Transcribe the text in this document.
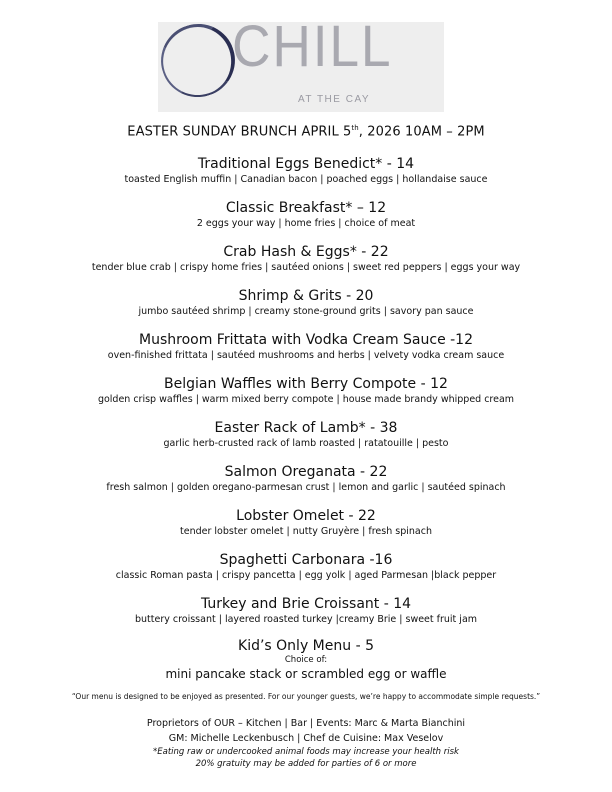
CHILL
AT THE CAY
EASTER SUNDAY BRUNCH APRIL 5th, 2026 10AM – 2PM
Traditional Eggs Benedict* - 14
toasted English muffin | Canadian bacon | poached eggs | hollandaise sauce
Classic Breakfast* – 12
2 eggs your way | home fries | choice of meat
Crab Hash & Eggs* - 22
tender blue crab | crispy home fries | sautéed onions | sweet red peppers | eggs your way
Shrimp & Grits - 20
jumbo sautéed shrimp | creamy stone-ground grits | savory pan sauce
Mushroom Frittata with Vodka Cream Sauce -12
oven-finished frittata | sautéed mushrooms and herbs | velvety vodka cream sauce
Belgian Waffles with Berry Compote - 12
golden crisp waffles | warm mixed berry compote | house made brandy whipped cream
Easter Rack of Lamb* - 38
garlic herb-crusted rack of lamb roasted | ratatouille | pesto
Salmon Oreganata - 22
fresh salmon | golden oregano-parmesan crust | lemon and garlic | sautéed spinach
Lobster Omelet - 22
tender lobster omelet | nutty Gruyère | fresh spinach
Spaghetti Carbonara -16
classic Roman pasta | crispy pancetta | egg yolk | aged Parmesan |black pepper
Turkey and Brie Croissant - 14
buttery croissant | layered roasted turkey |creamy Brie | sweet fruit jam
Kid’s Only Menu - 5
Choice of:
mini pancake stack or scrambled egg or waffle
“Our menu is designed to be enjoyed as presented. For our younger guests, we’re happy to accommodate simple requests.”
Proprietors of OUR – Kitchen | Bar | Events: Marc & Marta Bianchini
GM: Michelle Leckenbusch | Chef de Cuisine: Max Veselov
*Eating raw or undercooked animal foods may increase your health risk
20% gratuity may be added for parties of 6 or more
